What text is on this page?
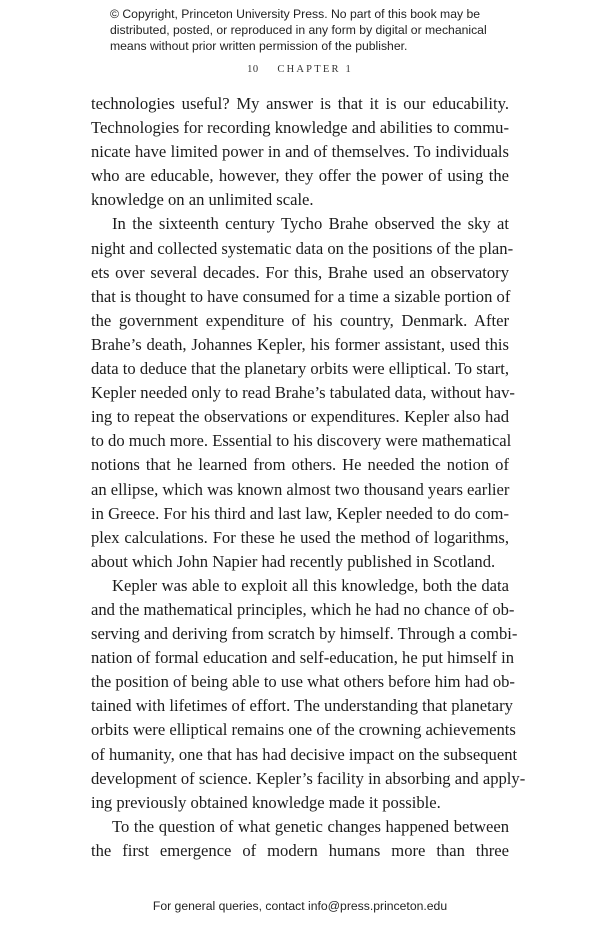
© Copyright, Princeton University Press. No part of this book may be
distributed, posted, or reproduced in any form by digital or mechanical
means without prior written permission of the publisher.
10 CHAPTER 1
technologies useful? My answer is that it is our educability.
Technologies for recording knowledge and abilities to commu-
nicate have limited power in and of themselves. To individuals
who are educable, however, they offer the power of using the
knowledge on an unlimited scale.
In the sixteenth century Tycho Brahe observed the sky at
night and collected systematic data on the positions of the plan-
ets over several decades. For this, Brahe used an observatory
that is thought to have consumed for a time a sizable portion of
the government expenditure of his country, Denmark. After
Brahe’s death, Johannes Kepler, his former assistant, used this
data to deduce that the planetary orbits were elliptical. To start,
Kepler needed only to read Brahe’s tabulated data, without hav-
ing to repeat the observations or expenditures. Kepler also had
to do much more. Essential to his discovery were mathematical
notions that he learned from others. He needed the notion of
an ellipse, which was known almost two thousand years earlier
in Greece. For his third and last law, Kepler needed to do com-
plex calculations. For these he used the method of logarithms,
about which John Napier had recently published in Scotland.
Kepler was able to exploit all this knowledge, both the data
and the mathematical principles, which he had no chance of ob-
serving and deriving from scratch by himself. Through a combi-
nation of formal education and self-education, he put himself in
the position of being able to use what others before him had ob-
tained with lifetimes of effort. The understanding that planetary
orbits were elliptical remains one of the crowning achievements
of humanity, one that has had decisive impact on the subsequent
development of science. Kepler’s facility in absorbing and apply-
ing previously obtained knowledge made it possible.
To the question of what genetic changes happened between
the first emergence of modern humans more than three
For general queries, contact info@press.princeton.edu
